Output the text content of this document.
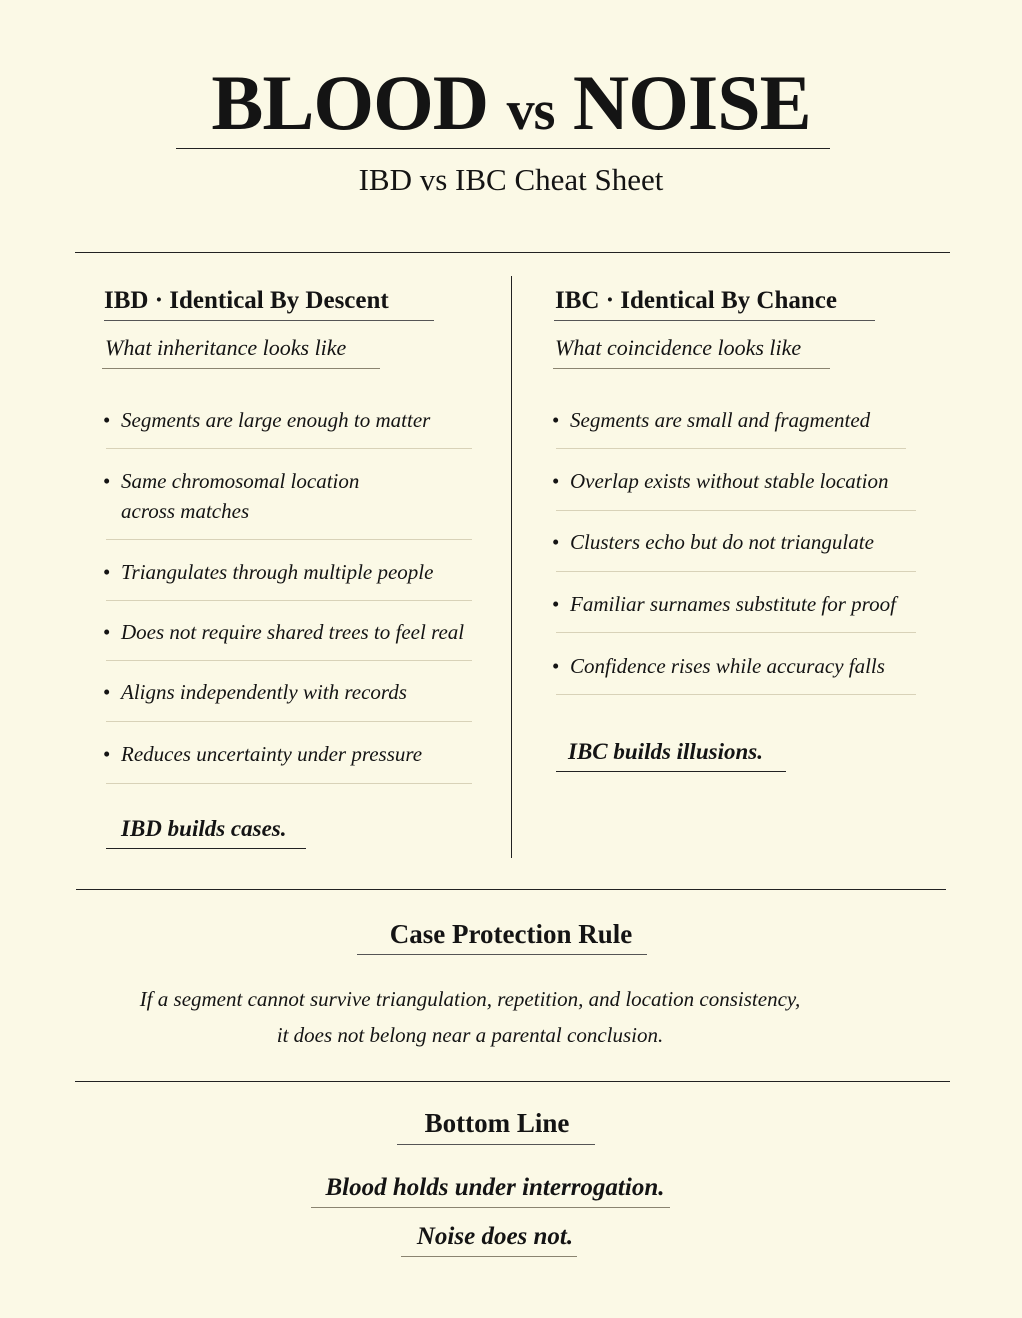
BLOOD vs NOISE
IBD vs IBC Cheat Sheet
IBD · Identical By Descent
What inheritance looks like
• Segments are large enough to matter
• Same chromosomal location across matches
• Triangulates through multiple people
• Does not require shared trees to feel real
• Aligns independently with records
• Reduces uncertainty under pressure
IBD builds cases.
IBC · Identical By Chance
What coincidence looks like
• Segments are small and fragmented
• Overlap exists without stable location
• Clusters echo but do not triangulate
• Familiar surnames substitute for proof
• Confidence rises while accuracy falls
IBC builds illusions.
Case Protection Rule
If a segment cannot survive triangulation, repetition, and location consistency,
it does not belong near a parental conclusion.
Bottom Line
Blood holds under interrogation.
Noise does not.
